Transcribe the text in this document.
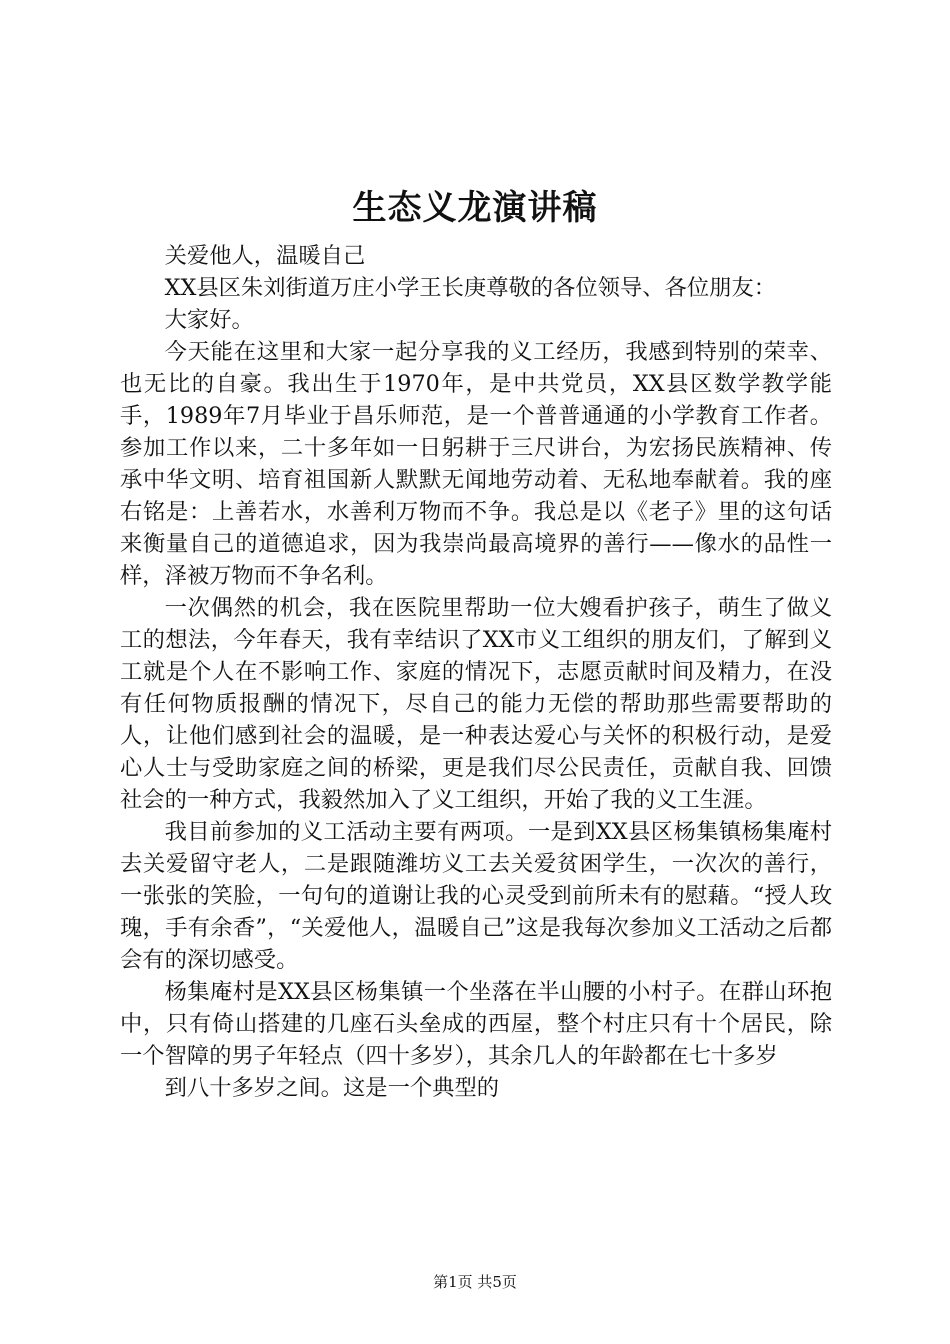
生态义龙演讲稿

关爱他人，温暖自己

XX县区朱刘街道万庄小学王长庚尊敬的各位领导、各位朋友：

大家好。

今天能在这里和大家一起分享我的义工经历，我感到特别的荣幸、也无比的自豪。我出生于1970年，是中共党员，XX县区数学教学能手，1989年7月毕业于昌乐师范，是一个普普通通的小学教育工作者。参加工作以来，二十多年如一日躬耕于三尺讲台，为宏扬民族精神、传承中华文明、培育祖国新人默默无闻地劳动着、无私地奉献着。我的座右铭是：上善若水，水善利万物而不争。我总是以《老子》里的这句话来衡量自己的道德追求，因为我崇尚最高境界的善行——像水的品性一样，泽被万物而不争名利。

一次偶然的机会，我在医院里帮助一位大嫂看护孩子，萌生了做义工的想法，今年春天，我有幸结识了XX市义工组织的朋友们，了解到义工就是个人在不影响工作、家庭的情况下，志愿贡献时间及精力，在没有任何物质报酬的情况下，尽自己的能力无偿的帮助那些需要帮助的人，让他们感到社会的温暖，是一种表达爱心与关怀的积极行动，是爱心人士与受助家庭之间的桥梁，更是我们尽公民责任，贡献自我、回馈社会的一种方式，我毅然加入了义工组织，开始了我的义工生涯。

我目前参加的义工活动主要有两项。一是到XX县区杨集镇杨集庵村去关爱留守老人，二是跟随潍坊义工去关爱贫困学生，一次次的善行，一张张的笑脸，一句句的道谢让我的心灵受到前所未有的慰藉。“授人玫瑰，手有余香”，“关爱他人，温暖自己”这是我每次参加义工活动之后都会有的深切感受。

杨集庵村是XX县区杨集镇一个坐落在半山腰的小村子。在群山环抱中，只有倚山搭建的几座石头垒成的西屋，整个村庄只有十个居民，除一个智障的男子年轻点（四十多岁），其余几人的年龄都在七十多岁

到八十多岁之间。这是一个典型的

第1页 共5页
